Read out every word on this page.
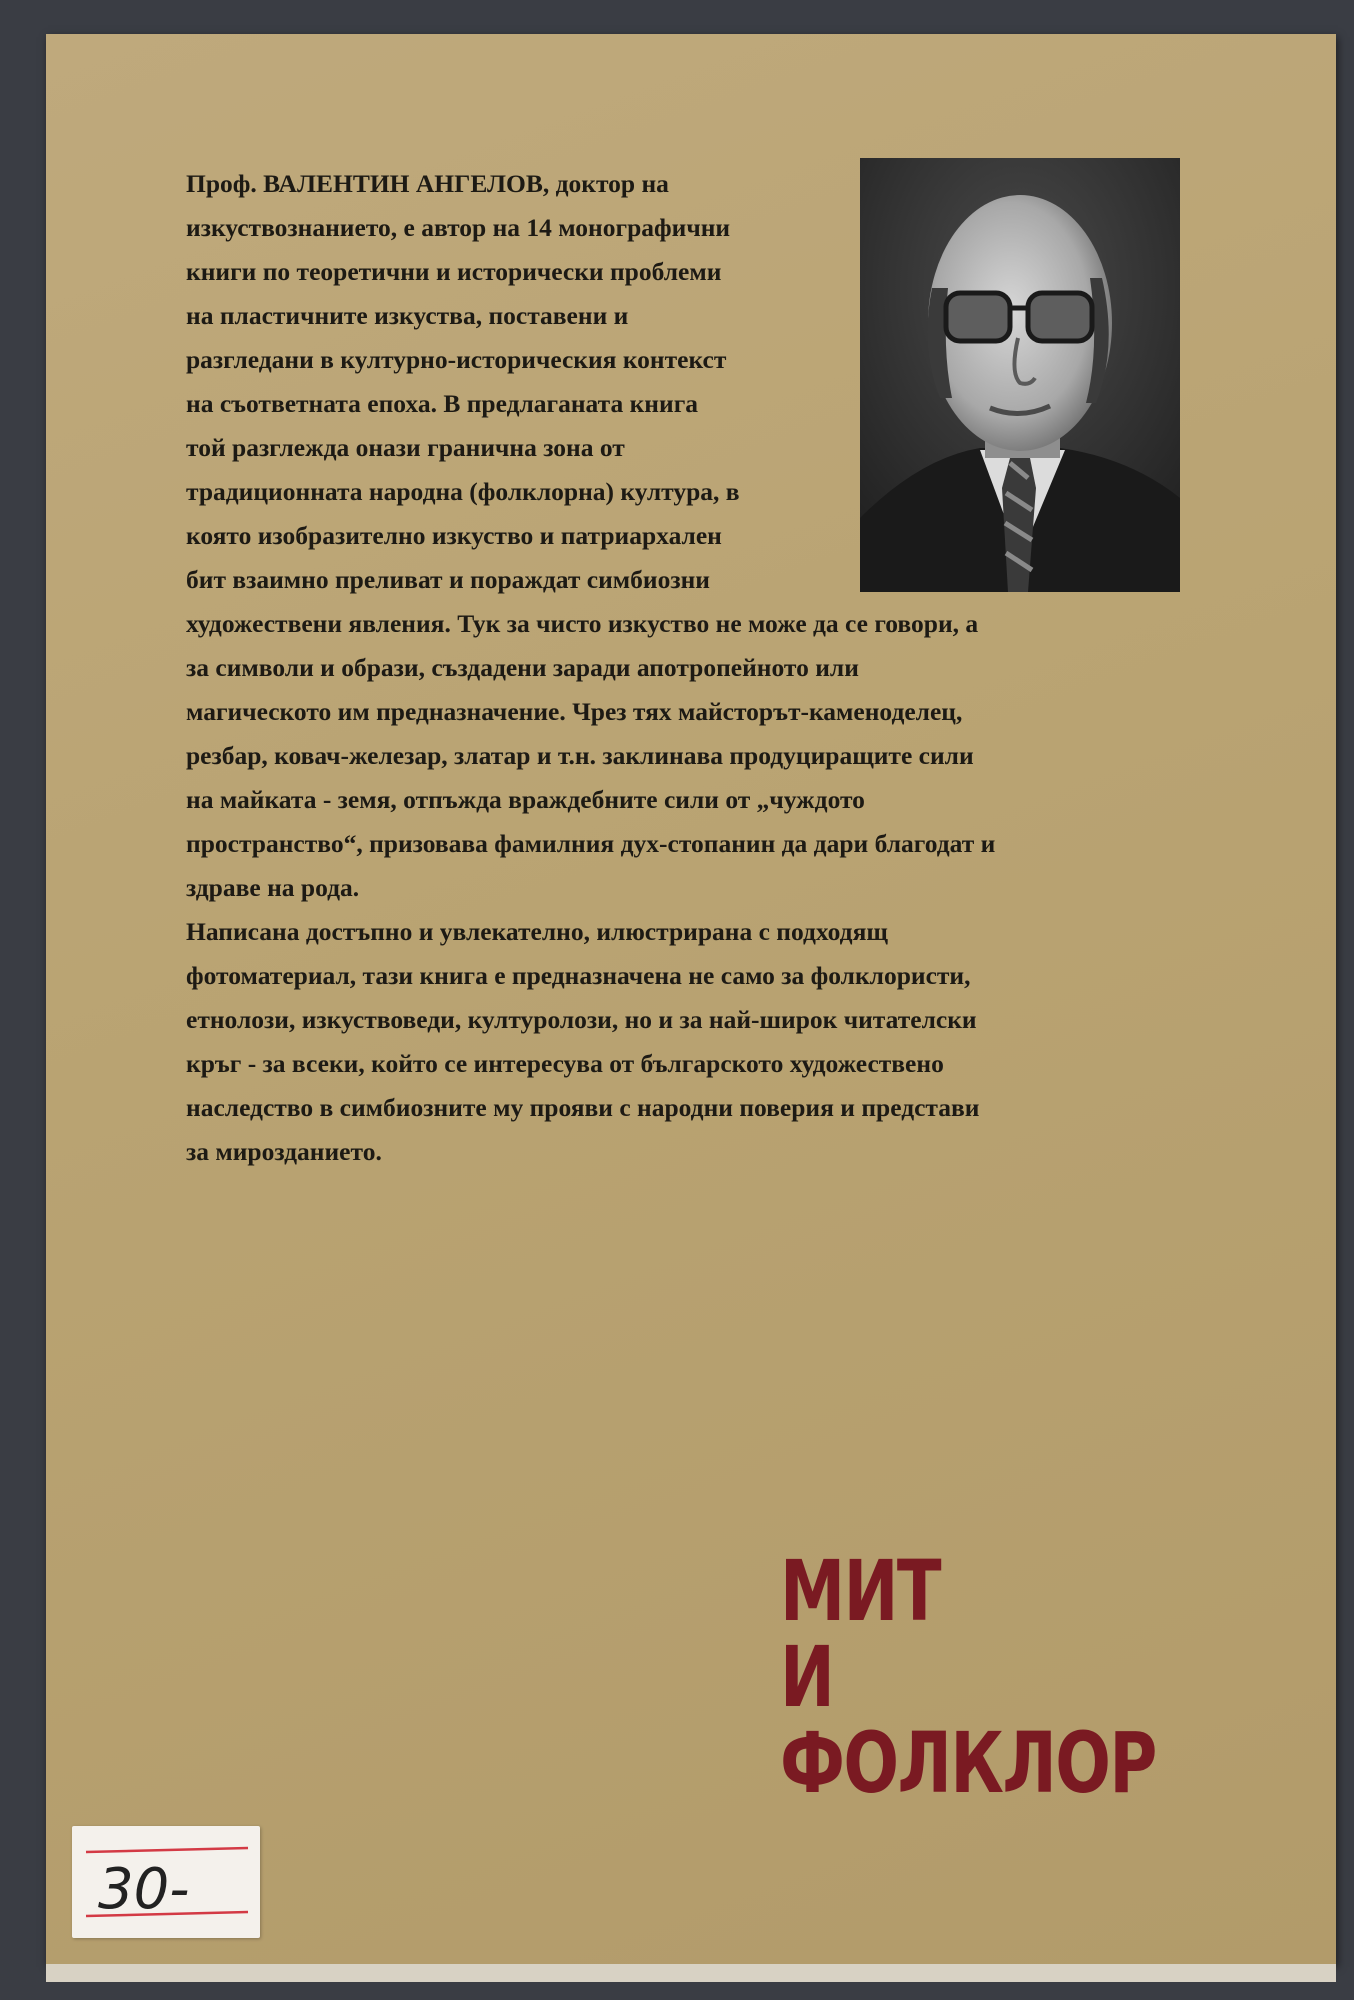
Проф. ВАЛЕНТИН АНГЕЛОВ, доктор на
изкуствознанието, е автор на 14 монографични
книги по теоретични и исторически проблеми
на пластичните изкуства, поставени и
разгледани в културно-историческия контекст
на съответната епоха. В предлаганата книга
той разглежда онази гранична зона от
традиционната народна (фолклорна) култура, в
която изобразително изкуство и патриархален
бит взаимно преливат и пораждат симбиозни
художествени явления. Тук за чисто изкуство не може да се говори, а
за символи и образи, създадени заради апотропейното или
магическото им предназначение. Чрез тях майсторът-каменоделец,
резбар, ковач-железар, златар и т.н. заклинава продуциращите сили
на майката - земя, отпъжда враждебните сили от „чуждото
пространство“, призовава фамилния дух-стопанин да дари благодат и
здраве на рода.
Написана достъпно и увлекателно, илюстрирана с подходящ
фотоматериал, тази книга е предназначена не само за фолклористи,
етнолози, изкуствоведи, културолози, но и за най-широк читателски
кръг - за всеки, който се интересува от българското художествено
наследство в симбиозните му прояви с народни поверия и представи
за мирозданието.
МИТ
И
ФОЛКЛОР
30-
